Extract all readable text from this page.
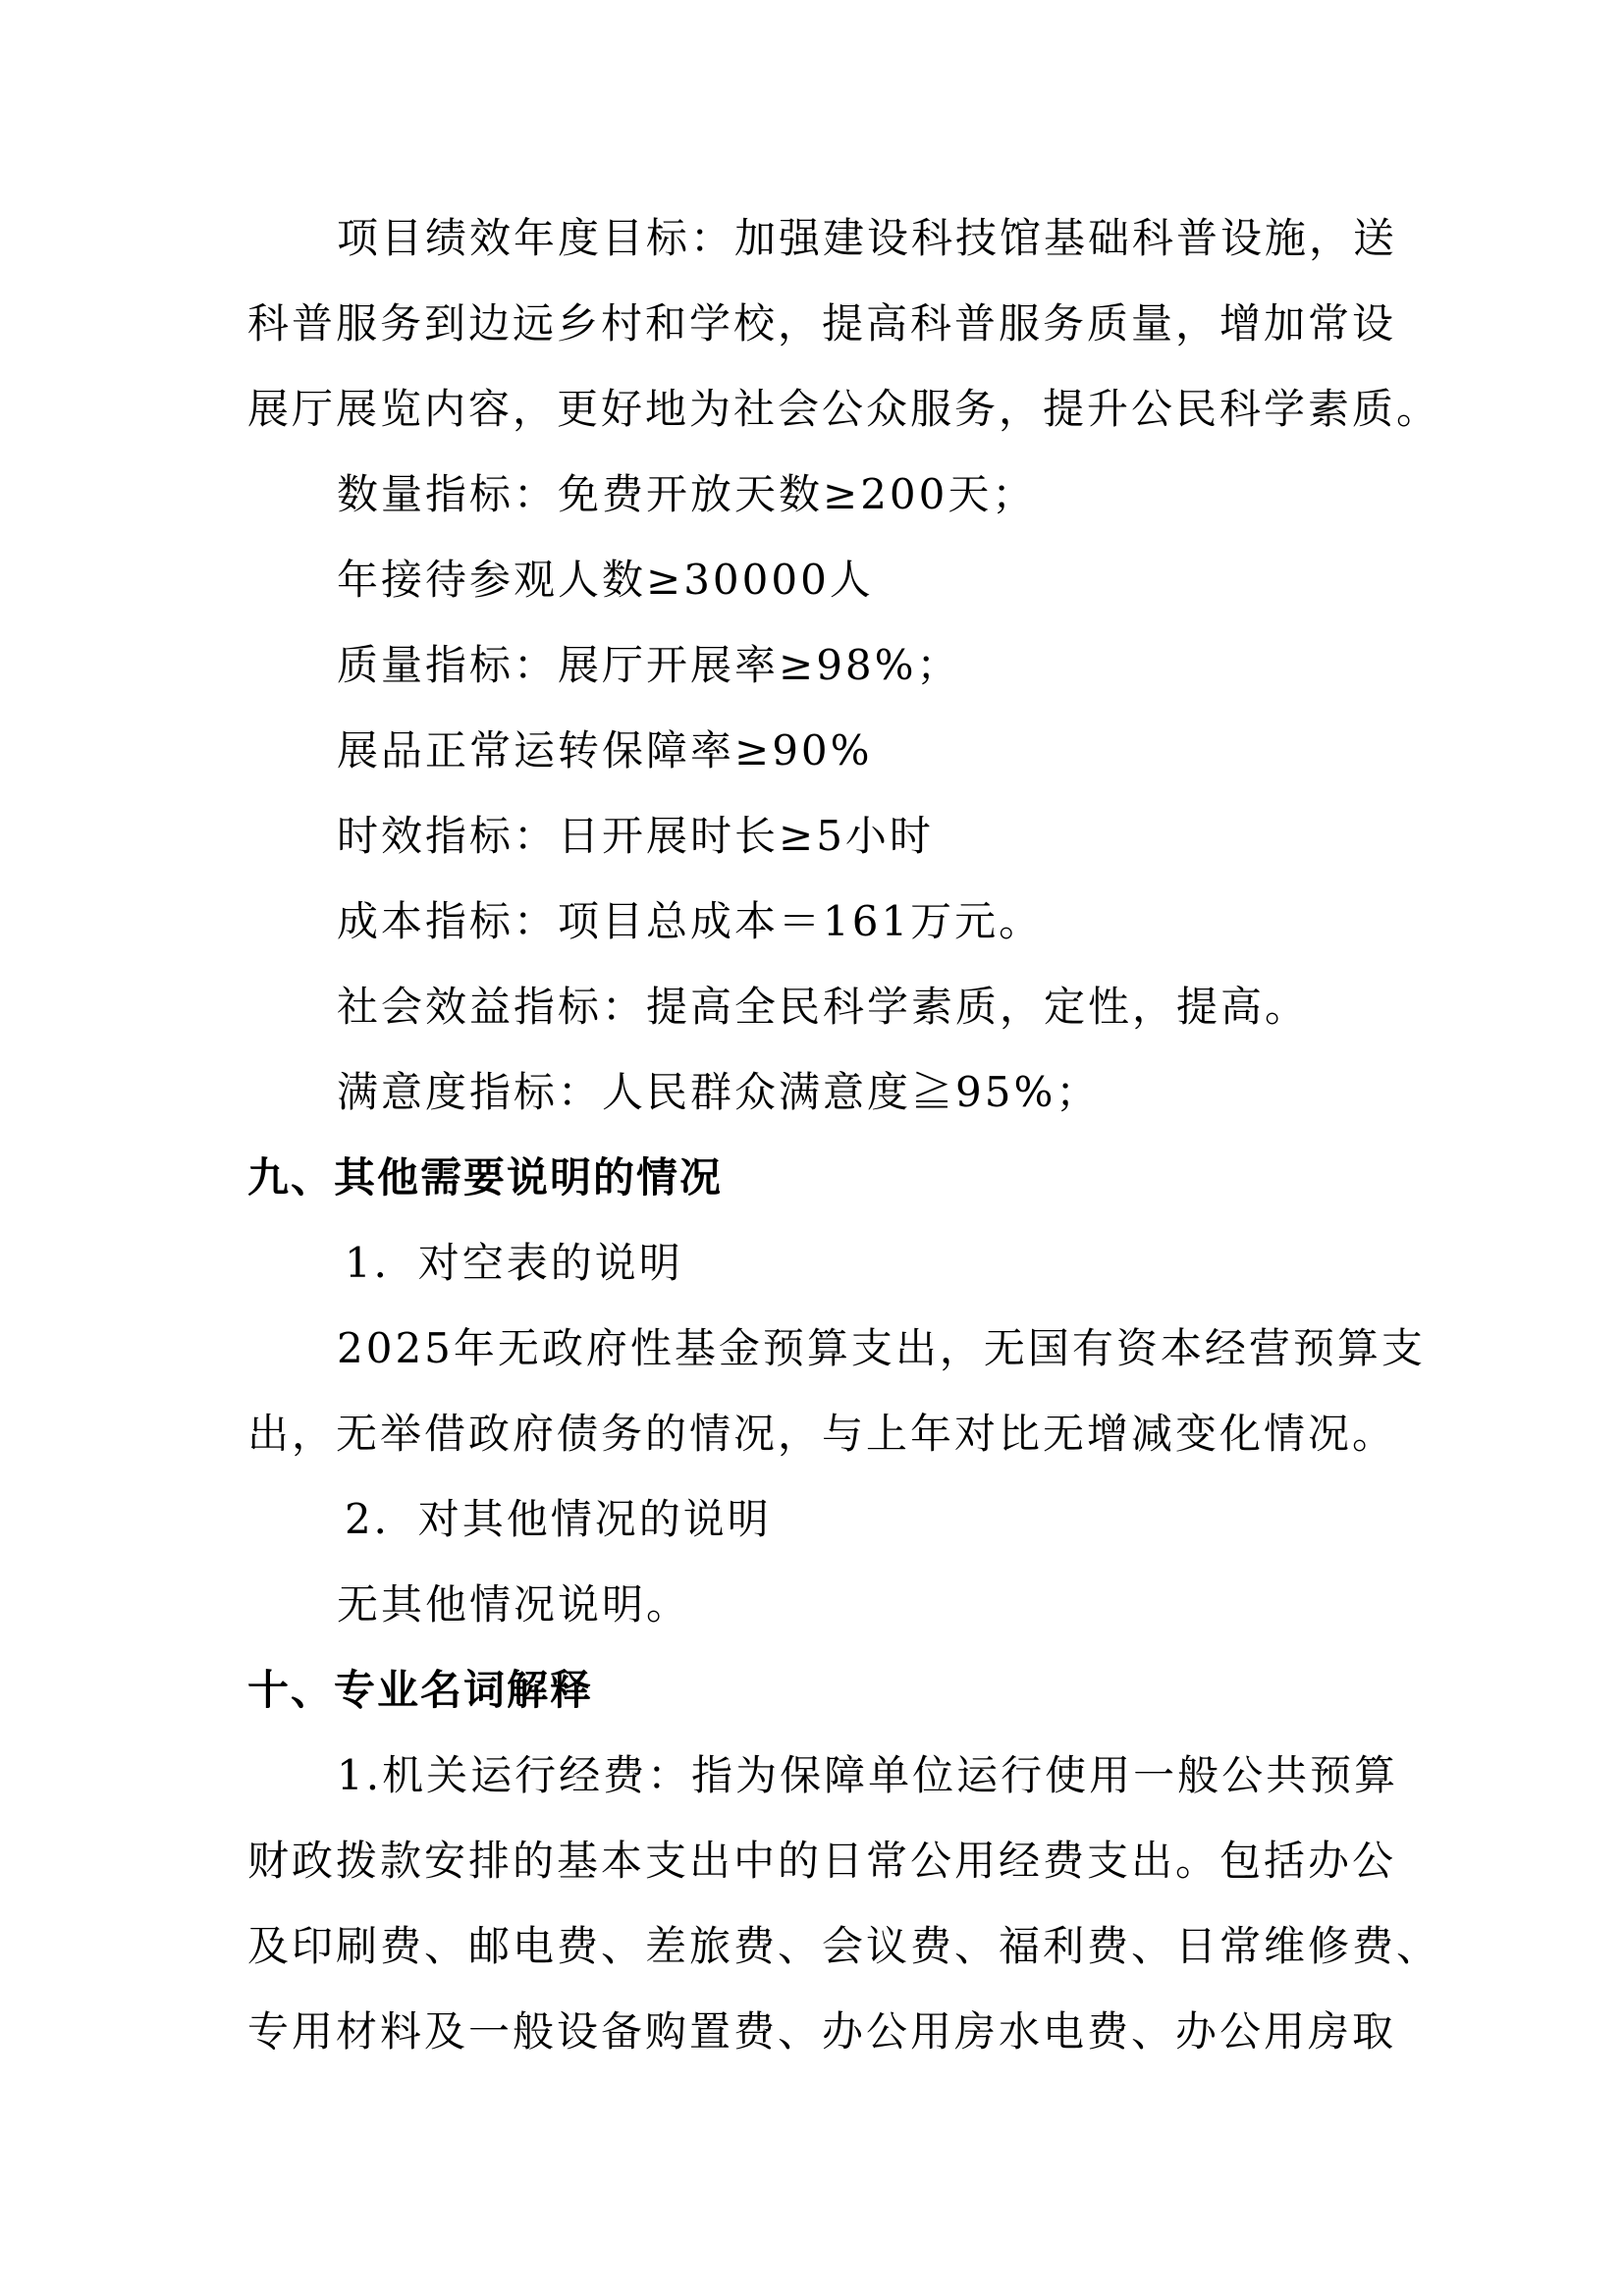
项目绩效年度目标：加强建设科技馆基础科普设施，送
科普服务到边远乡村和学校，提高科普服务质量，增加常设
展厅展览内容，更好地为社会公众服务，提升公民科学素质。
数量指标：免费开放天数≥200天；
年接待参观人数≥30000人
质量指标：展厅开展率≥98%；
展品正常运转保障率≥90%
时效指标：日开展时长≥5小时
成本指标：项目总成本＝161万元。
社会效益指标：提高全民科学素质，定性，提高。
满意度指标：人民群众满意度≧95%；
九、其他需要说明的情况
1．对空表的说明
2025年无政府性基金预算支出，无国有资本经营预算支
出，无举借政府债务的情况，与上年对比无增减变化情况。
2．对其他情况的说明
无其他情况说明。
十、专业名词解释
1.机关运行经费：指为保障单位运行使用一般公共预算
财政拨款安排的基本支出中的日常公用经费支出。包括办公
及印刷费、邮电费、差旅费、会议费、福利费、日常维修费、
专用材料及一般设备购置费、办公用房水电费、办公用房取
